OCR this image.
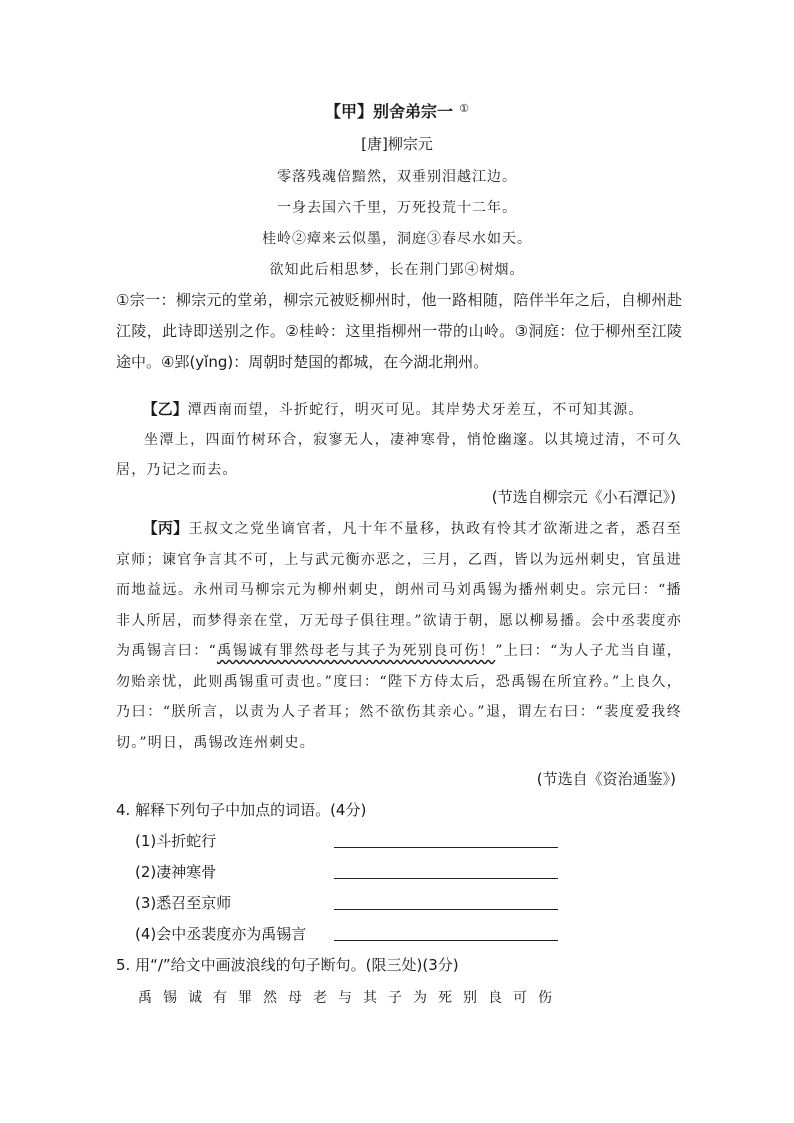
【甲】别舍弟宗一 ①
[唐]柳宗元
零落残魂倍黯然，双垂别泪越江边。
一身去国六千里，万死投荒十二年。
桂岭②瘴来云似墨，洞庭③春尽水如天。
欲知此后相思梦，长在荆门郢④树烟。

①宗一：柳宗元的堂弟，柳宗元被贬柳州时，他一路相随，陪伴半年之后，自柳州赴江陵，此诗即送别之作。②桂岭：这里指柳州一带的山岭。③洞庭：位于柳州至江陵途中。④郢(yǐng)：周朝时楚国的都城，在今湖北荆州。

【乙】潭西南而望，斗折蛇行，明灭可见。其岸势犬牙差互，不可知其源。

坐潭上，四面竹树环合，寂寥无人，凄神寒骨，悄怆幽邃。以其境过清，不可久居，乃记之而去。

(节选自柳宗元《小石潭记》)

【丙】王叔文之党坐谪官者，凡十年不量移，执政有怜其才欲渐进之者，悉召至京师；谏官争言其不可，上与武元衡亦恶之，三月，乙酉，皆以为远州刺史，官虽进而地益远。永州司马柳宗元为柳州刺史，朗州司马刘禹锡为播州刺史。宗元曰：“播非人所居，而梦得亲在堂，万无母子俱往理。”欲请于朝，愿以柳易播。会中丞裴度亦为禹锡言曰：“禹锡诚有罪然母老与其子为死别良可伤！”上曰：“为人子尤当自谨，勿贻亲忧，此则禹锡重可责也。”度曰：“陛下方侍太后，恐禹锡在所宜矜。”上良久，乃曰：“朕所言，以责为人子者耳；然不欲伤其亲心。”退，谓左右曰：“裴度爱我终切。”明日，禹锡改连州刺史。

(节选自《资治通鉴》)
4. 解释下列句子中加点的词语。(4分)
(1)斗折蛇行
(2)凄神寒骨
(3)悉召至京师
(4)会中丞裴度亦为禹锡言
5. 用“/”给文中画波浪线的句子断句。(限三处)(3分)
禹锡诚有罪然母老与其子为死别良可伤
